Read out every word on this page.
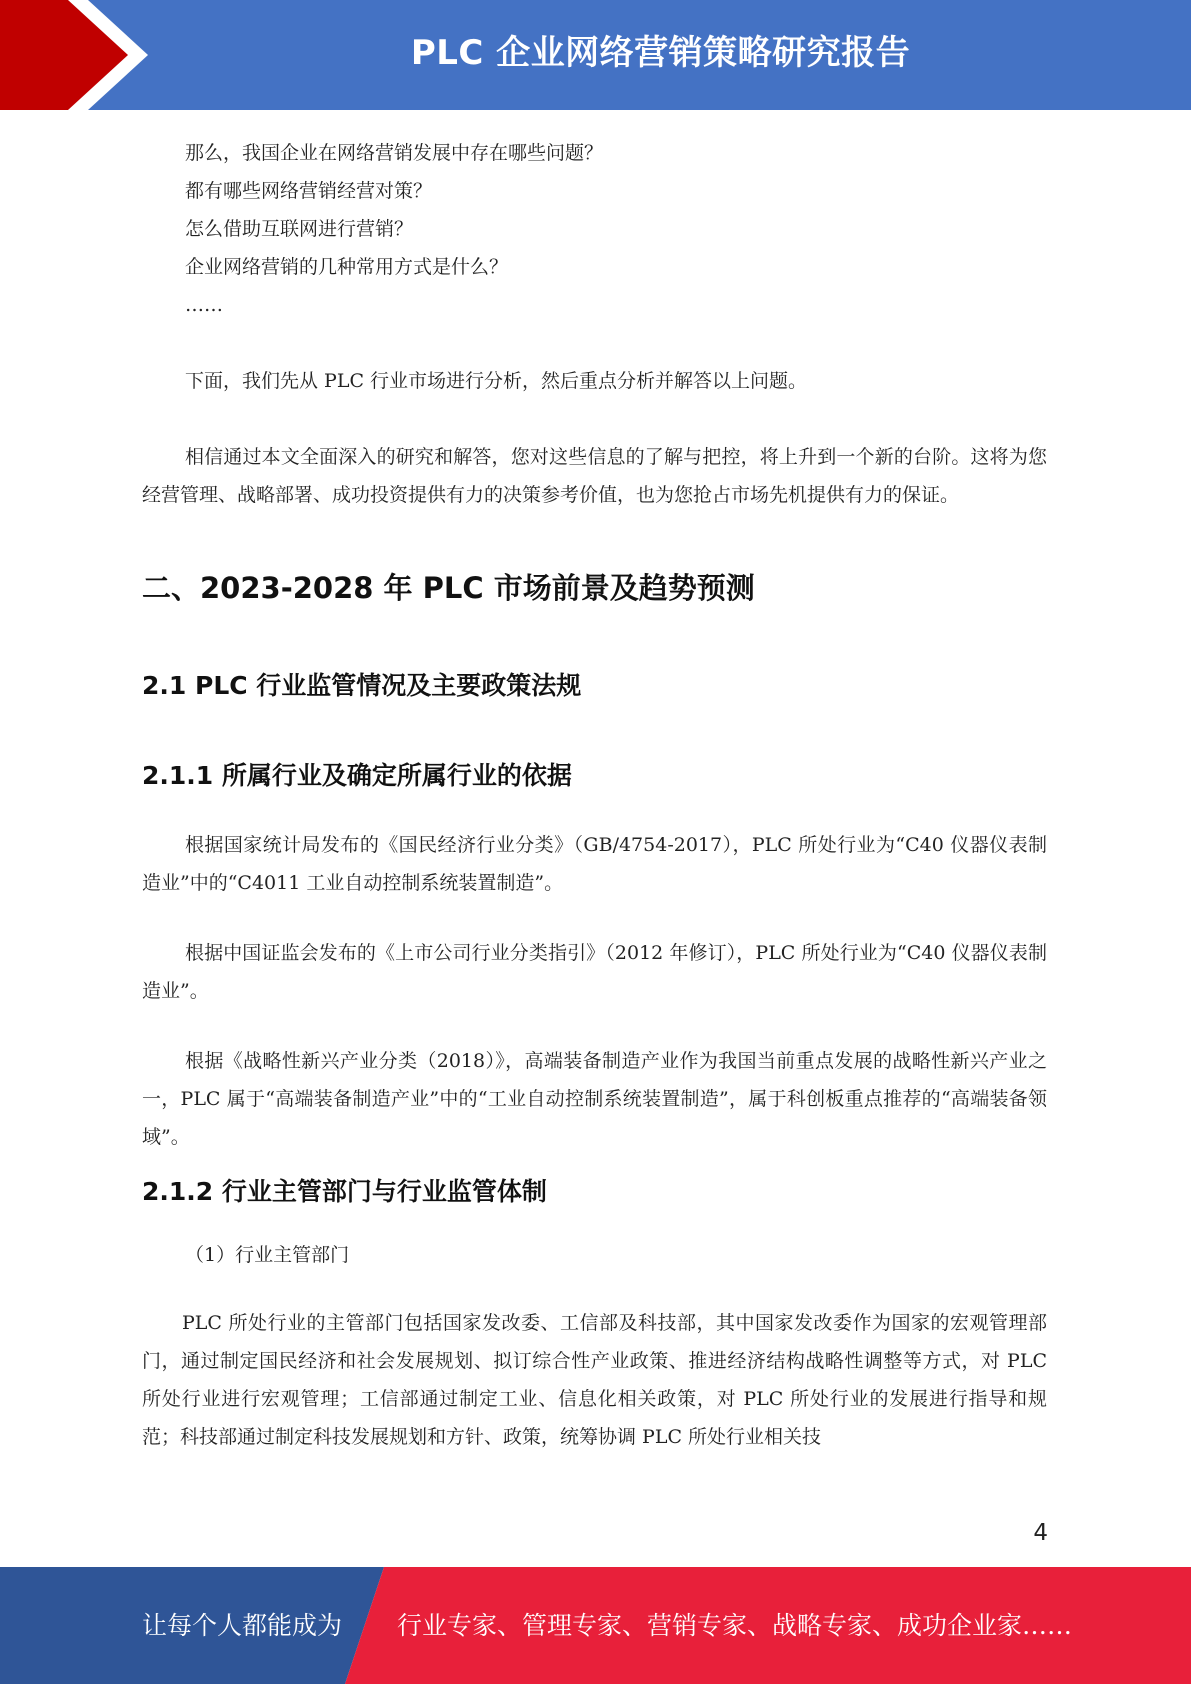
PLC 企业网络营销策略研究报告

那么，我国企业在网络营销发展中存在哪些问题？

都有哪些网络营销经营对策？

怎么借助互联网进行营销？

企业网络营销的几种常用方式是什么？

……

下面，我们先从 PLC 行业市场进行分析，然后重点分析并解答以上问题。

相信通过本文全面深入的研究和解答，您对这些信息的了解与把控，将上升到一个新的台阶。这将为您经营管理、战略部署、成功投资提供有力的决策参考价值，也为您抢占市场先机提供有力的保证。

二、2023-2028 年 PLC 市场前景及趋势预测
2.1 PLC 行业监管情况及主要政策法规
2.1.1 所属行业及确定所属行业的依据

根据国家统计局发布的《国民经济行业分类》（GB/4754-2017），PLC 所处行业为“C40 仪器仪表制造业”中的“C4011 工业自动控制系统装置制造”。

根据中国证监会发布的《上市公司行业分类指引》（2012 年修订），PLC 所处行业为“C40 仪器仪表制造业”。

根据《战略性新兴产业分类（2018）》，高端装备制造产业作为我国当前重点发展的战略性新兴产业之一，PLC 属于“高端装备制造产业”中的“工业自动控制系统装置制造”，属于科创板重点推荐的“高端装备领域”。

2.1.2 行业主管部门与行业监管体制

（1）行业主管部门

PLC 所处行业的主管部门包括国家发改委、工信部及科技部，其中国家发改委作为国家的宏观管理部门，通过制定国民经济和社会发展规划、拟订综合性产业政策、推进经济结构战略性调整等方式，对 PLC 所处行业进行宏观管理；工信部通过制定工业、信息化相关政策，对 PLC 所处行业的发展进行指导和规范；科技部通过制定科技发展规划和方针、政策，统筹协调 PLC 所处行业相关技

4
让每个人都能成为 行业专家、管理专家、营销专家、战略专家、成功企业家……
